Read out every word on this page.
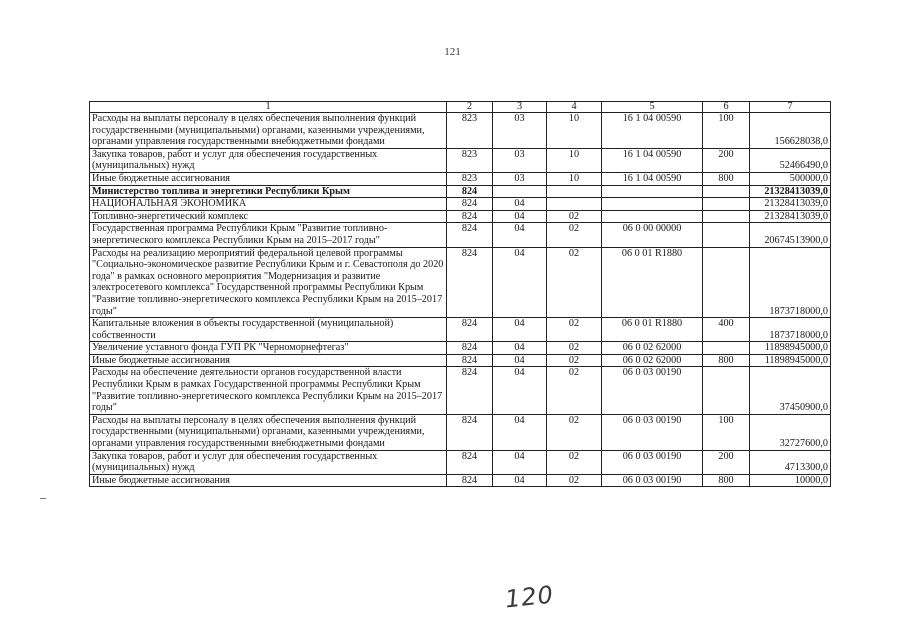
121
1	2	3	4	5	6	7
Расходы на выплаты персоналу в целях обеспечения выполнения функций государственными (муниципальными) органами, казенными учреждениями, органами управления государственными внебюджетными фондами	823	03	10	16 1 04 00590	100	156628038,0
Закупка товаров, работ и услуг для обеспечения государственных (муниципальных) нужд	823	03	10	16 1 04 00590	200	52466490,0
Иные бюджетные ассигнования	823	03	10	16 1 04 00590	800	500000,0
Министерство топлива и энергетики Республики Крым	824					21328413039,0
НАЦИОНАЛЬНАЯ ЭКОНОМИКА	824	04				21328413039,0
Топливно-энергетический комплекс	824	04	02			21328413039,0
Государственная программа Республики Крым "Развитие топливно-энергетического комплекса Республики Крым на 2015–2017 годы"	824	04	02	06 0 00 00000		20674513900,0
Расходы на реализацию мероприятий федеральной целевой программы "Социально-экономическое развитие Республики Крым и г. Севастополя до 2020 года" в рамках основного мероприятия "Модернизация и развитие электросетевого комплекса" Государственной программы Республики Крым "Развитие топливно-энергетического комплекса Республики Крым на 2015–2017 годы"	824	04	02	06 0 01 R1880		1873718000,0
Капитальные вложения в объекты государственной (муниципальной) собственности	824	04	02	06 0 01 R1880	400	1873718000,0
Увеличение уставного фонда ГУП РК "Черноморнефтегаз"	824	04	02	06 0 02 62000		11898945000,0
Иные бюджетные ассигнования	824	04	02	06 0 02 62000	800	11898945000,0
Расходы на обеспечение деятельности органов государственной власти Республики Крым в рамках Государственной программы Республики Крым "Развитие топливно-энергетического комплекса Республики Крым на 2015–2017 годы"	824	04	02	06 0 03 00190		37450900,0
Расходы на выплаты персоналу в целях обеспечения выполнения функций государственными (муниципальными) органами, казенными учреждениями, органами управления государственными внебюджетными фондами	824	04	02	06 0 03 00190	100	32727600,0
Закупка товаров, работ и услуг для обеспечения государственных (муниципальных) нужд	824	04	02	06 0 03 00190	200	4713300,0
Иные бюджетные ассигнования	824	04	02	06 0 03 00190	800	10000,0
120
